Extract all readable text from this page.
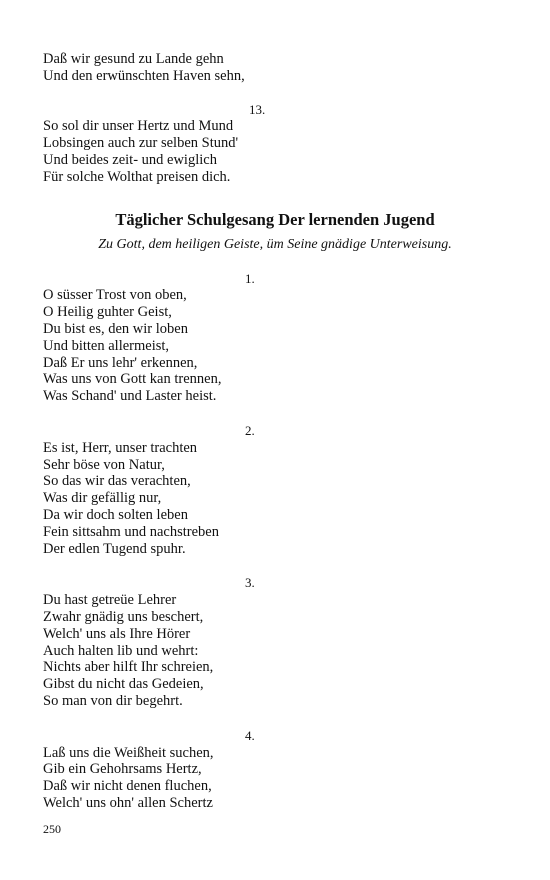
Daß wir gesund zu Lande gehn
Und den erwünschten Haven sehn,
13.
So sol dir unser Hertz und Mund
Lobsingen auch zur selben Stund'
Und beides zeit- und ewiglich
Für solche Wolthat preisen dich.
Täglicher Schulgesang Der lernenden Jugend
Zu Gott, dem heiligen Geiste, üm Seine gnädige Unterweisung.
1.
O süsser Trost von oben,
O Heilig guhter Geist,
Du bist es, den wir loben
Und bitten allermeist,
Daß Er uns lehr' erkennen,
Was uns von Gott kan trennen,
Was Schand' und Laster heist.
2.
Es ist, Herr, unser trachten
Sehr böse von Natur,
So das wir das verachten,
Was dir gefällig nur,
Da wir doch solten leben
Fein sittsahm und nachstreben
Der edlen Tugend spuhr.
3.
Du hast getreüe Lehrer
Zwahr gnädig uns beschert,
Welch' uns als Ihre Hörer
Auch halten lib und wehrt:
Nichts aber hilft Ihr schreien,
Gibst du nicht das Gedeien,
So man von dir begehrt.
4.
Laß uns die Weißheit suchen,
Gib ein Gehohrsams Hertz,
Daß wir nicht denen fluchen,
Welch' uns ohn' allen Schertz
250
